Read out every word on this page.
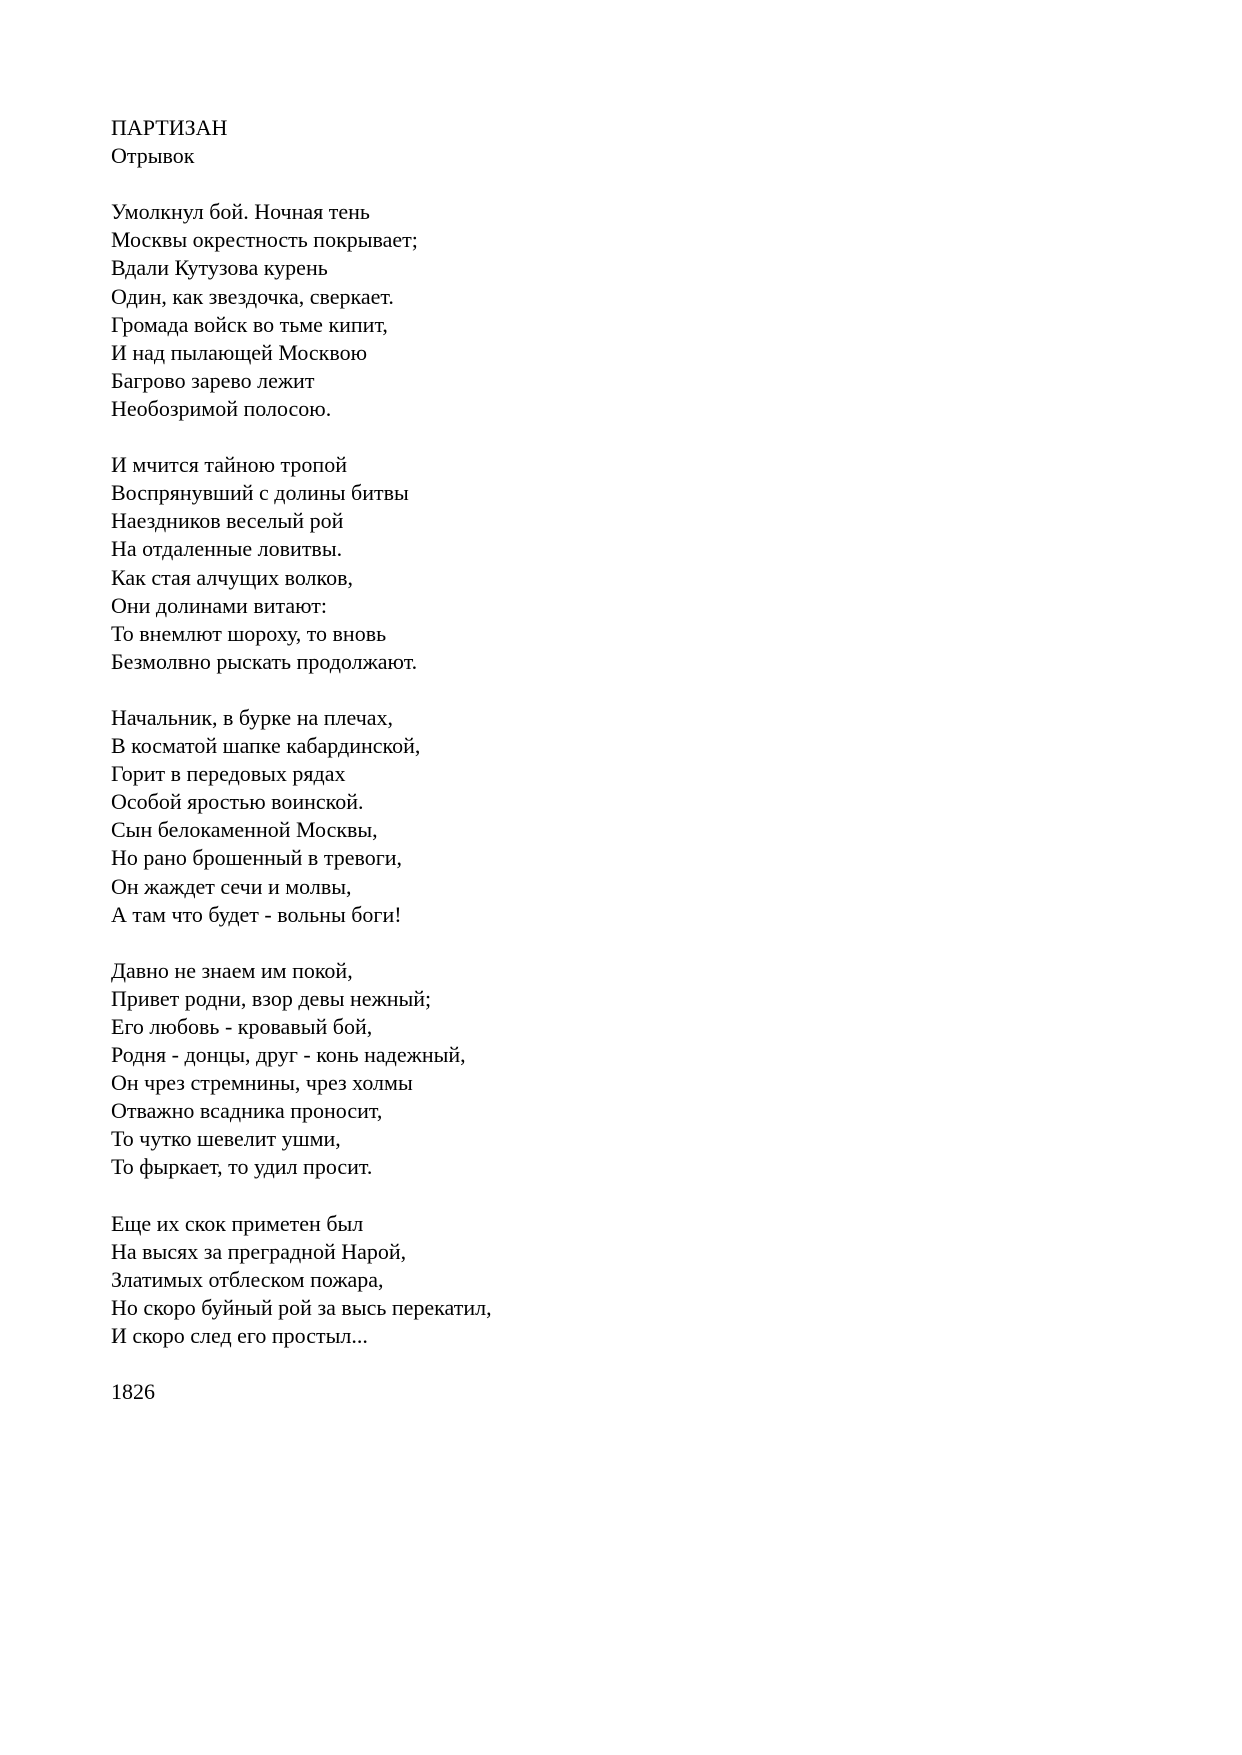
ПАРТИЗАН
Отрывок
Умолкнул бой. Ночная тень
Москвы окрестность покрывает;
Вдали Кутузова курень
Один, как звездочка, сверкает.
Громада войск во тьме кипит,
И над пылающей Москвою
Багрово зарево лежит
Необозримой полосою.
И мчится тайною тропой
Воспрянувший с долины битвы
Наездников веселый рой
На отдаленные ловитвы.
Как стая алчущих волков,
Они долинами витают:
То внемлют шороху, то вновь
Безмолвно рыскать продолжают.
Начальник, в бурке на плечах,
В косматой шапке кабардинской,
Горит в передовых рядах
Особой яростью воинской.
Сын белокаменной Москвы,
Но рано брошенный в тревоги,
Он жаждет сечи и молвы,
А там что будет - вольны боги!
Давно не знаем им покой,
Привет родни, взор девы нежный;
Его любовь - кровавый бой,
Родня - донцы, друг - конь надежный,
Он чрез стремнины, чрез холмы
Отважно всадника проносит,
То чутко шевелит ушми,
То фыркает, то удил просит.
Еще их скок приметен был
На высях за преградной Нарой,
Златимых отблеском пожара,
Но скоро буйный рой за высь перекатил,
И скоро след его простыл...
1826
